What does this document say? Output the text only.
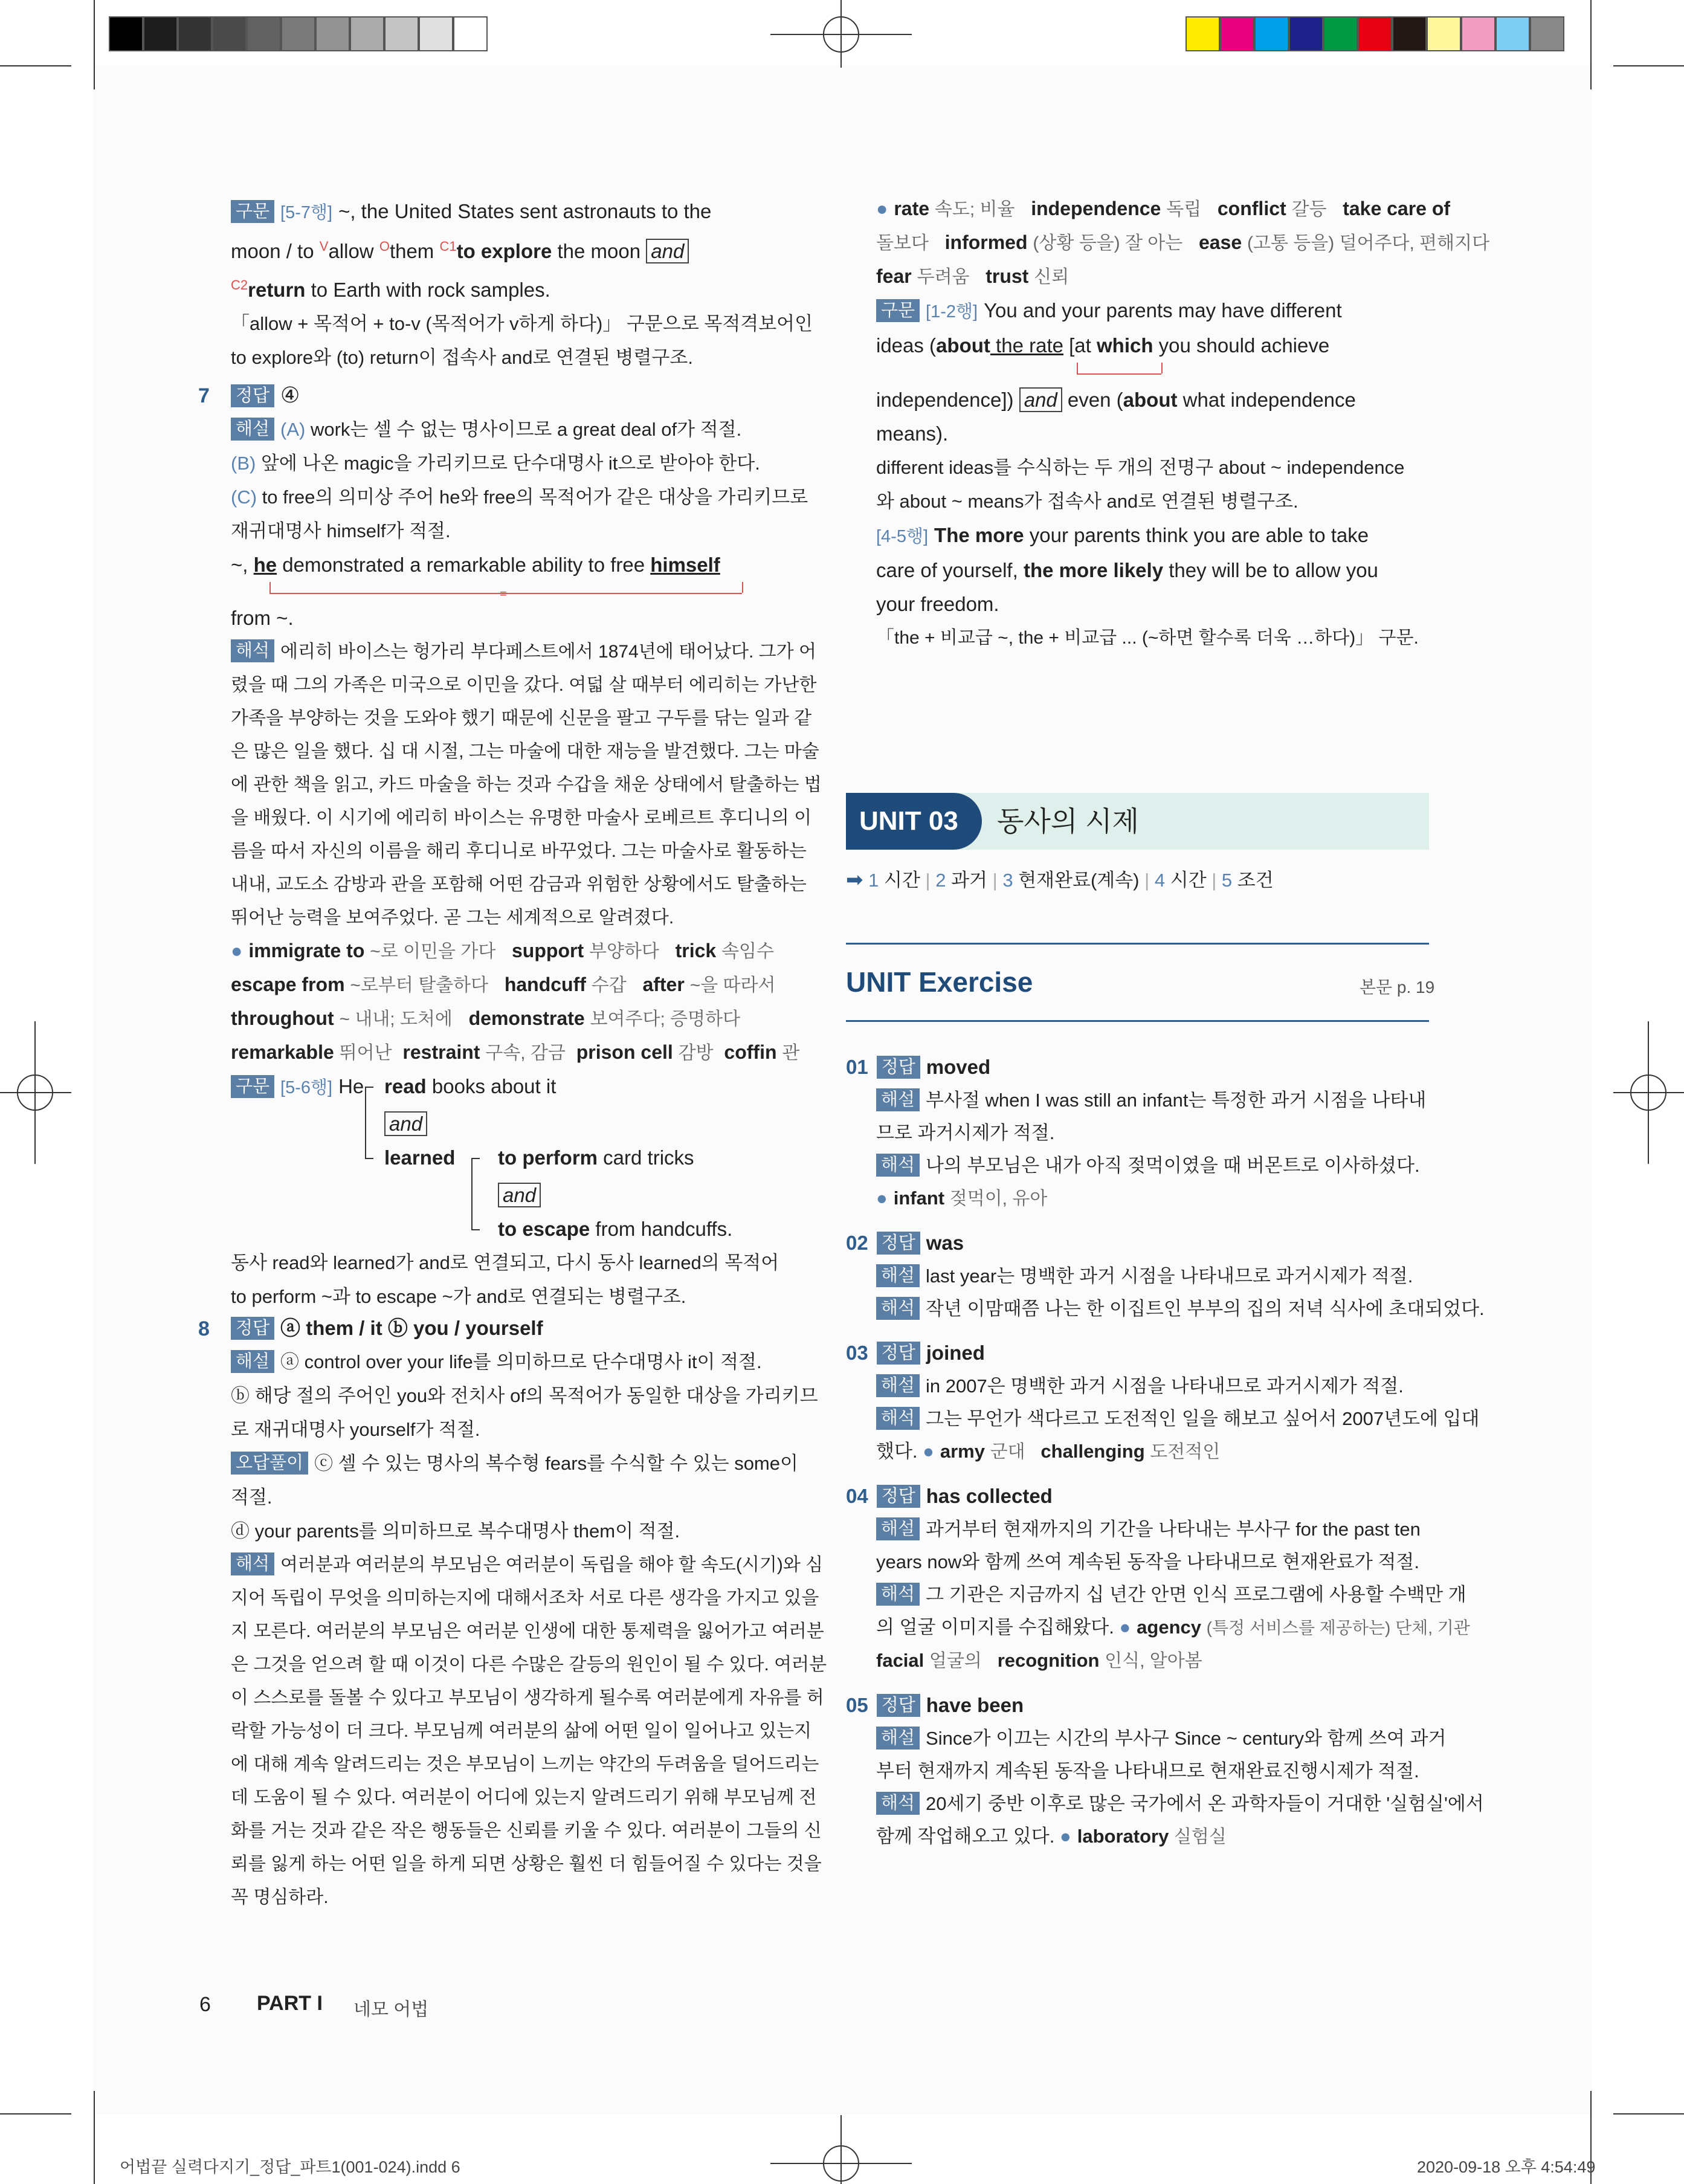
구문 [5-7행] ~, the United States sent astronauts to the
moon / to $^V$allow $^O$them $^{C1}$to explore the moon and
$^{C2}$return to Earth with rock samples.
「allow + 목적어 + to-v (목적어가 v하게 하다)」 구문으로 목적격보어인
to explore와 (to) return이 접속사 and로 연결된 병렬구조.
7 정답 ④
해설 (A) work는 셀 수 없는 명사이므로 a great deal of가 적절.
(B) 앞에 나온 magic을 가리키므로 단수대명사 it으로 받아야 한다.
(C) to free의 의미상 주어 he와 free의 목적어가 같은 대상을 가리키므로
재귀대명사 himself가 적절.
~, he demonstrated a remarkable ability to free himself
=
from ~.
해석 에리히 바이스는 헝가리 부다페스트에서 1874년에 태어났다. 그가 어
렸을 때 그의 가족은 미국으로 이민을 갔다. 여덟 살 때부터 에리히는 가난한
가족을 부양하는 것을 도와야 했기 때문에 신문을 팔고 구두를 닦는 일과 같
은 많은 일을 했다. 십 대 시절, 그는 마술에 대한 재능을 발견했다. 그는 마술
에 관한 책을 읽고, 카드 마술을 하는 것과 수갑을 채운 상태에서 탈출하는 법
을 배웠다. 이 시기에 에리히 바이스는 유명한 마술사 로베르트 후디니의 이
름을 따서 자신의 이름을 해리 후디니로 바꾸었다. 그는 마술사로 활동하는
내내, 교도소 감방과 관을 포함해 어떤 감금과 위험한 상황에서도 탈출하는
뛰어난 능력을 보여주었다. 곧 그는 세계적으로 알려졌다.
● immigrate to ~로 이민을 가다 support 부양하다 trick 속임수
escape from ~로부터 탈출하다 handcuff 수갑 after ~을 따라서
throughout ~ 내내; 도처에 demonstrate 보여주다; 증명하다
remarkable 뛰어난 restraint 구속, 감금 prison cell 감방 coffin 관
구문 [5-6행] He read books about it
and
learned to perform card tricks
and
to escape from handcuffs.
동사 read와 learned가 and로 연결되고, 다시 동사 learned의 목적어
to perform ~과 to escape ~가 and로 연결되는 병렬구조.
8 정답 ⓐ them / it ⓑ you / yourself
해설 ⓐ control over your life를 의미하므로 단수대명사 it이 적절.
ⓑ 해당 절의 주어인 you와 전치사 of의 목적어가 동일한 대상을 가리키므
로 재귀대명사 yourself가 적절.
오답풀이 ⓒ 셀 수 있는 명사의 복수형 fears를 수식할 수 있는 some이
적절.
ⓓ your parents를 의미하므로 복수대명사 them이 적절.
해석 여러분과 여러분의 부모님은 여러분이 독립을 해야 할 속도(시기)와 심
지어 독립이 무엇을 의미하는지에 대해서조차 서로 다른 생각을 가지고 있을
지 모른다. 여러분의 부모님은 여러분 인생에 대한 통제력을 잃어가고 여러분
은 그것을 얻으려 할 때 이것이 다른 수많은 갈등의 원인이 될 수 있다. 여러분
이 스스로를 돌볼 수 있다고 부모님이 생각하게 될수록 여러분에게 자유를 허
락할 가능성이 더 크다. 부모님께 여러분의 삶에 어떤 일이 일어나고 있는지
에 대해 계속 알려드리는 것은 부모님이 느끼는 약간의 두려움을 덜어드리는
데 도움이 될 수 있다. 여러분이 어디에 있는지 알려드리기 위해 부모님께 전
화를 거는 것과 같은 작은 행동들은 신뢰를 키울 수 있다. 여러분이 그들의 신
뢰를 잃게 하는 어떤 일을 하게 되면 상황은 훨씬 더 힘들어질 수 있다는 것을
꼭 명심하라.
● rate 속도; 비율 independence 독립 conflict 갈등 take care of
돌보다 informed (상황 등을) 잘 아는 ease (고통 등을) 덜어주다, 편해지다
fear 두려움 trust 신뢰
구문 [1-2행] You and your parents may have different
ideas (about the rate [at which you should achieve
independence]) and even (about what independence
means).
different ideas를 수식하는 두 개의 전명구 about ~ independence
와 about ~ means가 접속사 and로 연결된 병렬구조.
[4-5행] The more your parents think you are able to take
care of yourself, the more likely they will be to allow you
your freedom.
「the + 비교급 ~, the + 비교급 ... (~하면 할수록 더욱 …하다)」 구문.
UNIT 03	동사의 시제
➡ 1 시간 | 2 과거 | 3 현재완료(계속) | 4 시간 | 5 조건
UNIT Exercise	본문 p. 19
01 정답 moved
해설 부사절 when I was still an infant는 특정한 과거 시점을 나타내
므로 과거시제가 적절.
해석 나의 부모님은 내가 아직 젖먹이였을 때 버몬트로 이사하셨다.
● infant 젖먹이, 유아
02 정답 was
해설 last year는 명백한 과거 시점을 나타내므로 과거시제가 적절.
해석 작년 이맘때쯤 나는 한 이집트인 부부의 집의 저녁 식사에 초대되었다.
03 정답 joined
해설 in 2007은 명백한 과거 시점을 나타내므로 과거시제가 적절.
해석 그는 무언가 색다르고 도전적인 일을 해보고 싶어서 2007년도에 입대
했다. ● army 군대 challenging 도전적인
04 정답 has collected
해설 과거부터 현재까지의 기간을 나타내는 부사구 for the past ten
years now와 함께 쓰여 계속된 동작을 나타내므로 현재완료가 적절.
해석 그 기관은 지금까지 십 년간 안면 인식 프로그램에 사용할 수백만 개
의 얼굴 이미지를 수집해왔다. ● agency (특정 서비스를 제공하는) 단체, 기관
facial 얼굴의 recognition 인식, 알아봄
05 정답 have been
해설 Since가 이끄는 시간의 부사구 Since ~ century와 함께 쓰여 과거
부터 현재까지 계속된 동작을 나타내므로 현재완료진행시제가 적절.
해석 20세기 중반 이후로 많은 국가에서 온 과학자들이 거대한 '실험실'에서
함께 작업해오고 있다. ● laboratory 실험실
6 PART I 네모 어법
어법끝 실력다지기_정답_파트1(001-024).indd 6	2020-09-18 오후 4:54:49
